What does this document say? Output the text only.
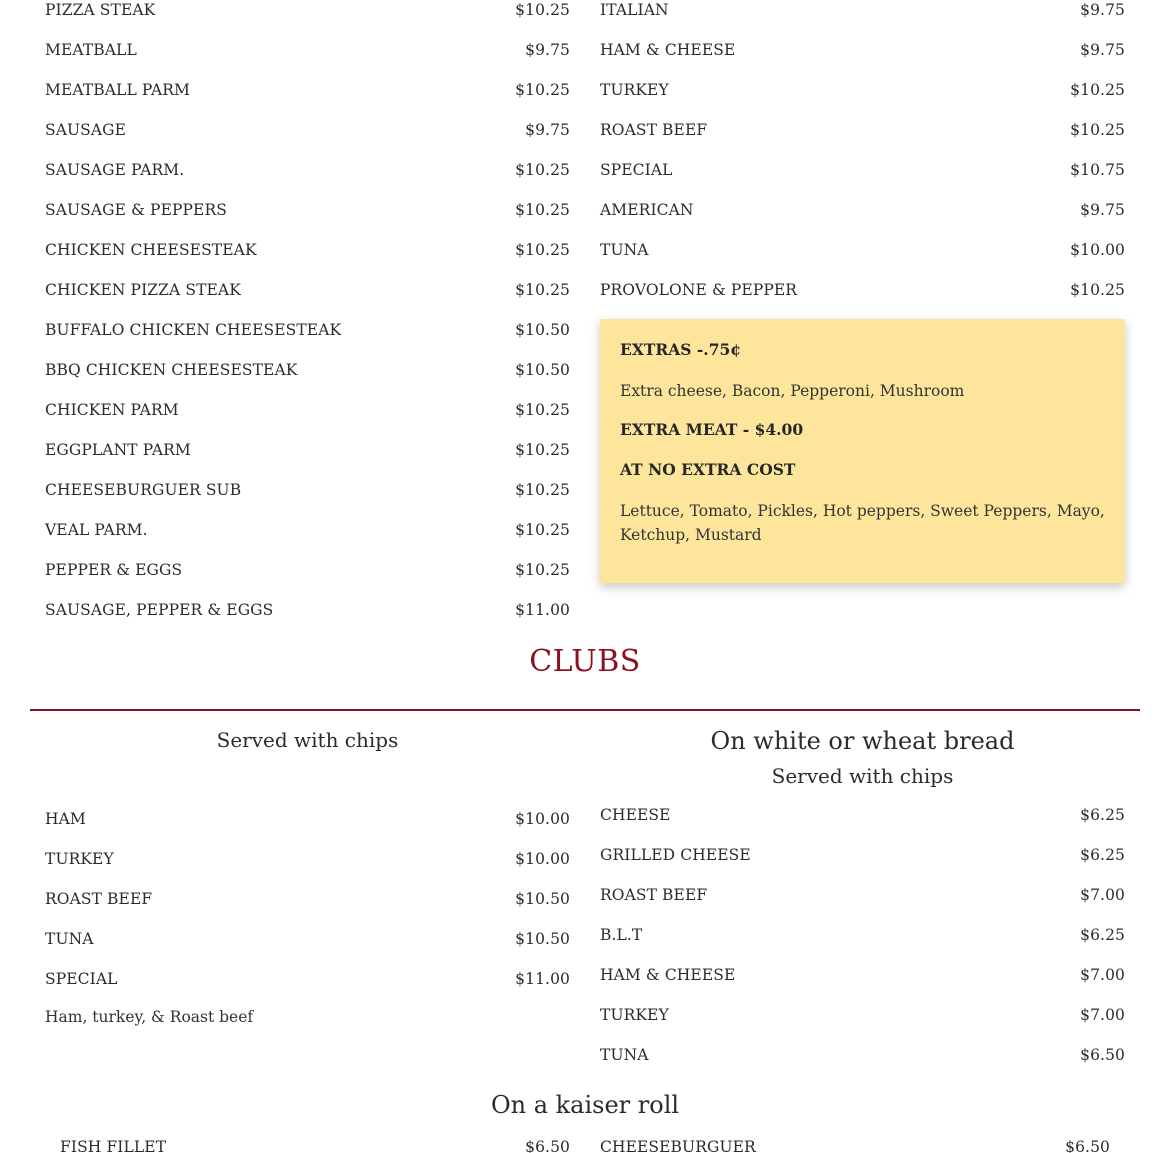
PIZZA STEAK	$10.25
MEATBALL	$9.75
MEATBALL PARM	$10.25
SAUSAGE	$9.75
SAUSAGE PARM.	$10.25
SAUSAGE & PEPPERS	$10.25
CHICKEN CHEESESTEAK	$10.25
CHICKEN PIZZA STEAK	$10.25
BUFFALO CHICKEN CHEESESTEAK	$10.50
BBQ CHICKEN CHEESESTEAK	$10.50
CHICKEN PARM	$10.25
EGGPLANT PARM	$10.25
CHEESEBURGUER SUB	$10.25
VEAL PARM.	$10.25
PEPPER & EGGS	$10.25
SAUSAGE, PEPPER & EGGS	$11.00
ITALIAN	$9.75
HAM & CHEESE	$9.75
TURKEY	$10.25
ROAST BEEF	$10.25
SPECIAL	$10.75
AMERICAN	$9.75
TUNA	$10.00
PROVOLONE & PEPPER	$10.25
EXTRAS -.75¢
Extra cheese, Bacon, Pepperoni, Mushroom
EXTRA MEAT - $4.00
AT NO EXTRA COST
Lettuce, Tomato, Pickles, Hot peppers, Sweet Peppers, Mayo, Ketchup, Mustard
CLUBS
Served with chips	On white or wheat bread
Served with chips
HAM	$10.00
TURKEY	$10.00
ROAST BEEF	$10.50
TUNA	$10.50
SPECIAL	$11.00
Ham, turkey, & Roast beef
CHEESE	$6.25
GRILLED CHEESE	$6.25
ROAST BEEF	$7.00
B.L.T	$6.25
HAM & CHEESE	$7.00
TURKEY	$7.00
TUNA	$6.50
On a kaiser roll
FISH FILLET	$6.50 CHEESEBURGUER	$6.50
